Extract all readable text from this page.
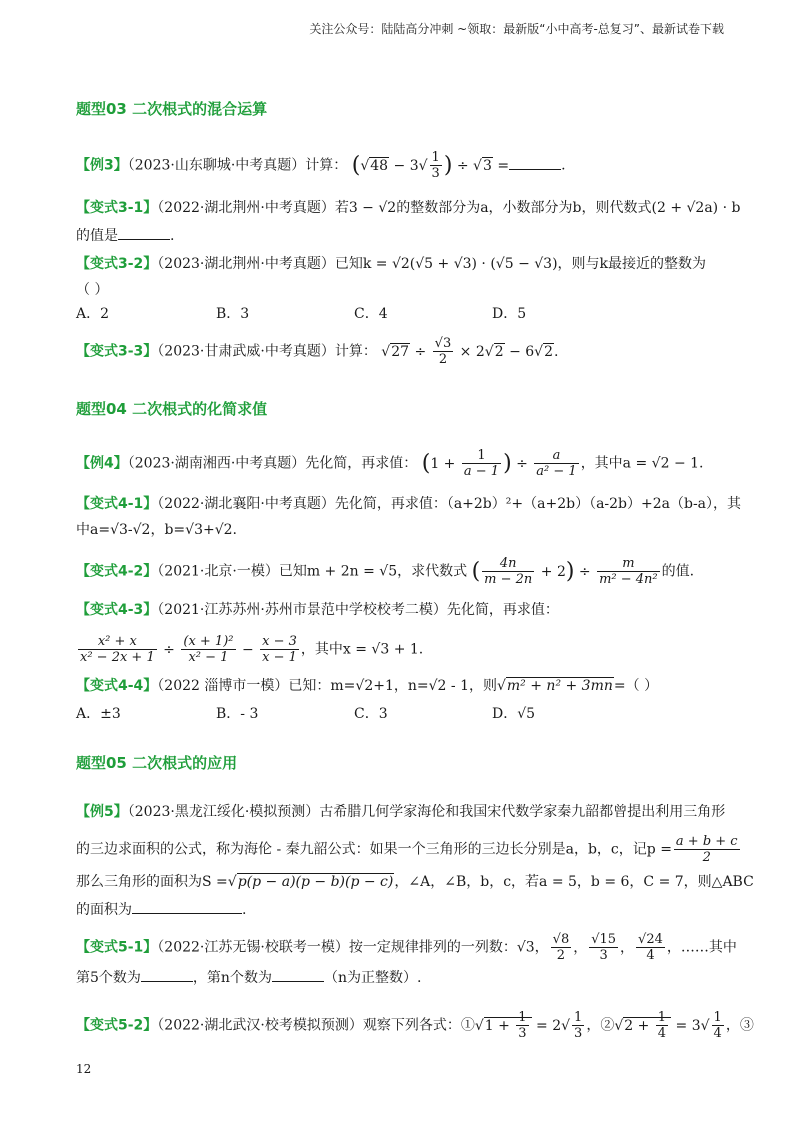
关注公众号：陆陆高分冲刺 ~领取：最新版“小中高考-总复习”、最新试卷下载
题型03 二次根式的混合运算
【例3】（2023·山东聊城·中考真题）计算： ($√48 - 3√ \frac{1}{3}$ ) ÷ √3 =	.
【变式3-1】（2022·湖北荆州·中考真题）若3 − √2的整数部分为a，小数部分为b，则代数式(2 + √2a) · b
的值是	.
【变式3-2】（2023·湖北荆州·中考真题）已知k = √2(√5 + √3) · (√5 − √3)，则与k最接近的整数为
（ ）
A．2	B．3	C．4	D．5
【变式3-3】（2023·甘肃武威·中考真题）计算： $√27 \div \frac{√3}{2} \times 2√2 - 6√2$.
题型04 二次根式的化简求值
【例4】（2023·湖南湘西·中考真题）先化简，再求值： ($1 + \frac{1}{a - 1}$ ) ÷ $\frac{a}{\text{a² − 1}}$ ，其中a = √2 − 1.
【变式4-1】（2022·湖北襄阳·中考真题）先化简，再求值：（a+2b）²+（a+2b）（a-2b）+2a（b-a），其
中a=√3-√2，b=√3+√2.
【变式4-2】（2021·北京·一模）已知m + 2n = √5，求代数式 ( $\frac{4n}{m - 2n} + 2) \div \frac{m}{\text{m² − 4n²}}$ 的值.
【变式4-3】（2021·江苏苏州·苏州市景范中学校校考二模）先化简，再求值：
$\frac{\text{x² + x}}{\text{x² − 2x + 1}} \div \frac{\text{(x + 1)²}}{\text{x² − 1}} - \frac{x - 3}{x - 1}$ ，其中x = √3 + 1.
【变式4-4】（2022 淄博市一模）已知：m=√2+1，n=√2 - 1，则√m² + n² + 3mn=（ ）
A．±3	B．- 3	C．3	D．√5
题型05 二次根式的应用
【例5】（2023·黑龙江绥化·模拟预测）古希腊几何学家海伦和我国宋代数学家秦九韶都曾提出利用三角形
的三边求面积的公式，称为海伦 - 秦九韶公式：如果一个三角形的三边长分别是a，b，c，记$p = \frac{a + b + c}{2}$
那么三角形的面积为S =√p(p − a)(p − b)(p − c)，∠A，∠B，b，c，若a = 5，b = 6，C = 7，则△ABC
的面积为	.
【变式5-1】（2022·江苏无锡·校联考一模）按一定规律排列的一列数：√3， $\frac{√8}{2}$ ， $\frac{√15}{3}$ ， $\frac{√24}{4}$ ，……其中
第5个数为	，第n个数为	（n为正整数）.
【变式5-2】（2022·湖北武汉·校考模拟预测）观察下列各式：①√1 + $\frac{1}{3} = 2√ \frac{1}{3}$ ，②√2 + $\frac{1}{4} = 3√ \frac{1}{4}$ ，③
12
